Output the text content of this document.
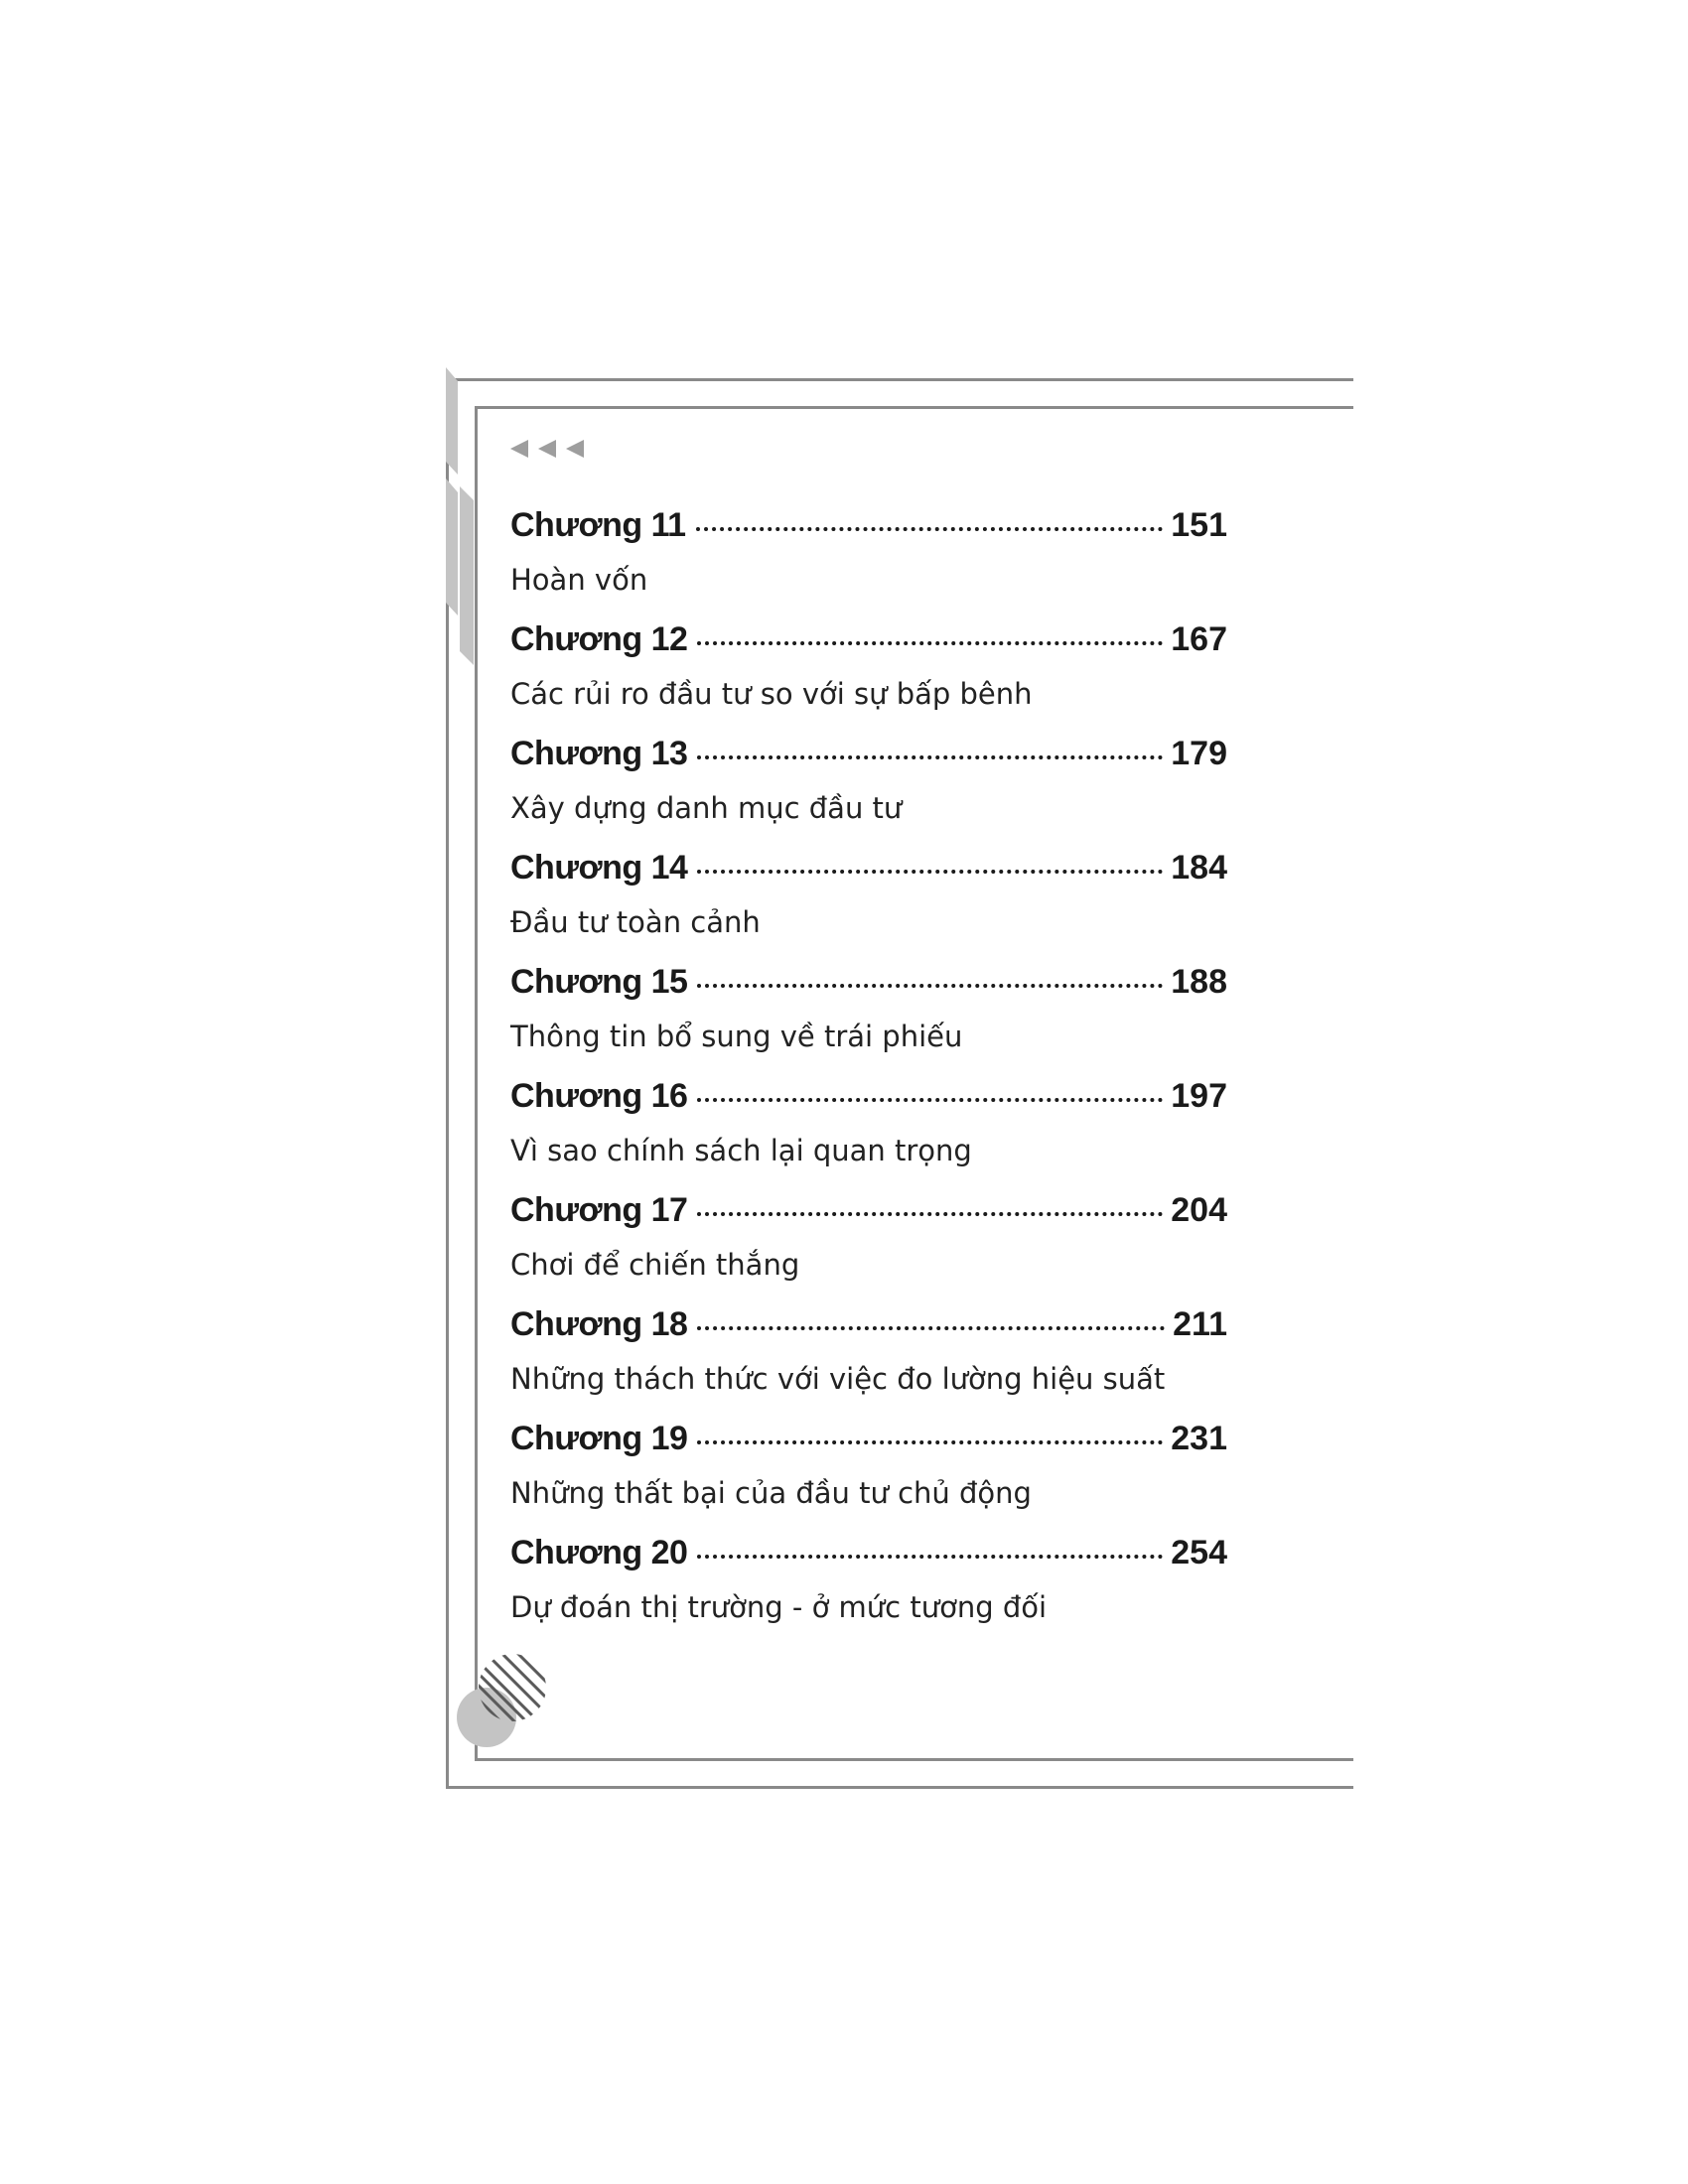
Chương 11	151
Hoàn vốn
Chương 12	167
Các rủi ro đầu tư so với sự bấp bênh
Chương 13	179
Xây dựng danh mục đầu tư
Chương 14	184
Đầu tư toàn cảnh
Chương 15	188
Thông tin bổ sung về trái phiếu
Chương 16	197
Vì sao chính sách lại quan trọng
Chương 17	204
Chơi để chiến thắng
Chương 18	211
Những thách thức với việc đo lường hiệu suất
Chương 19	231
Những thất bại của đầu tư chủ động
Chương 20	254
Dự đoán thị trường - ở mức tương đối
